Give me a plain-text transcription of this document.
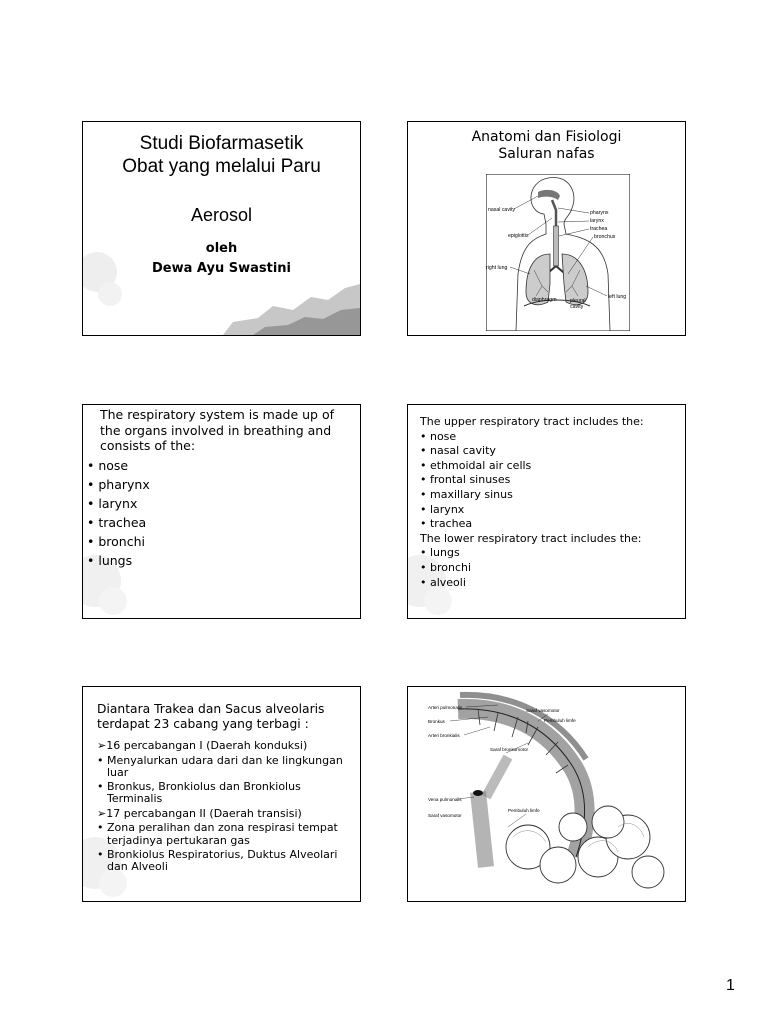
Studi Biofarmasetik
Obat yang melalui Paru
Aerosol
oleh
Dewa Ayu Swastini
Anatomi dan Fisiologi
Saluran nafas
nasal cavity	pharynx
larynx
trachea
bronchus
epiglottis
right lung
left lung
diaphragm	pleural
cavity
The respiratory system is made up of
the organs involved in breathing and
consists of the:
• nose
• pharynx
• larynx
• trachea
• bronchi
• lungs

The upper respiratory tract includes the:

• nose
• nasal cavity
• ethmoidal air cells
• frontal sinuses
• maxillary sinus
• larynx
• trachea

The lower respiratory tract includes the:

• lungs
• bronchi
• alveoli
Diantara Trakea dan Sacus alveolaris
terdapat 23 cabang yang terbagi :
➢16 percabangan I (Daerah konduksi)
• Menyalurkan udara dari dan ke lingkungan luar
• Bronkus, Bronkiolus dan Bronkiolus Terminalis
➢17 percabangan II (Daerah transisi)
• Zona peralihan dan zona respirasi tempat terjadinya pertukaran gas
• Bronkiolus Respiratorius, Duktus Alveolari dan Alveoli
Arteri pulmonalis
Bronkus
Arteri bronkialis
Saraf vasomotor
Pembuluh limfe
Saraf bronkomotor
Vena pulmonalis
Saraf vasomotor
Pembuluh limfe
1
